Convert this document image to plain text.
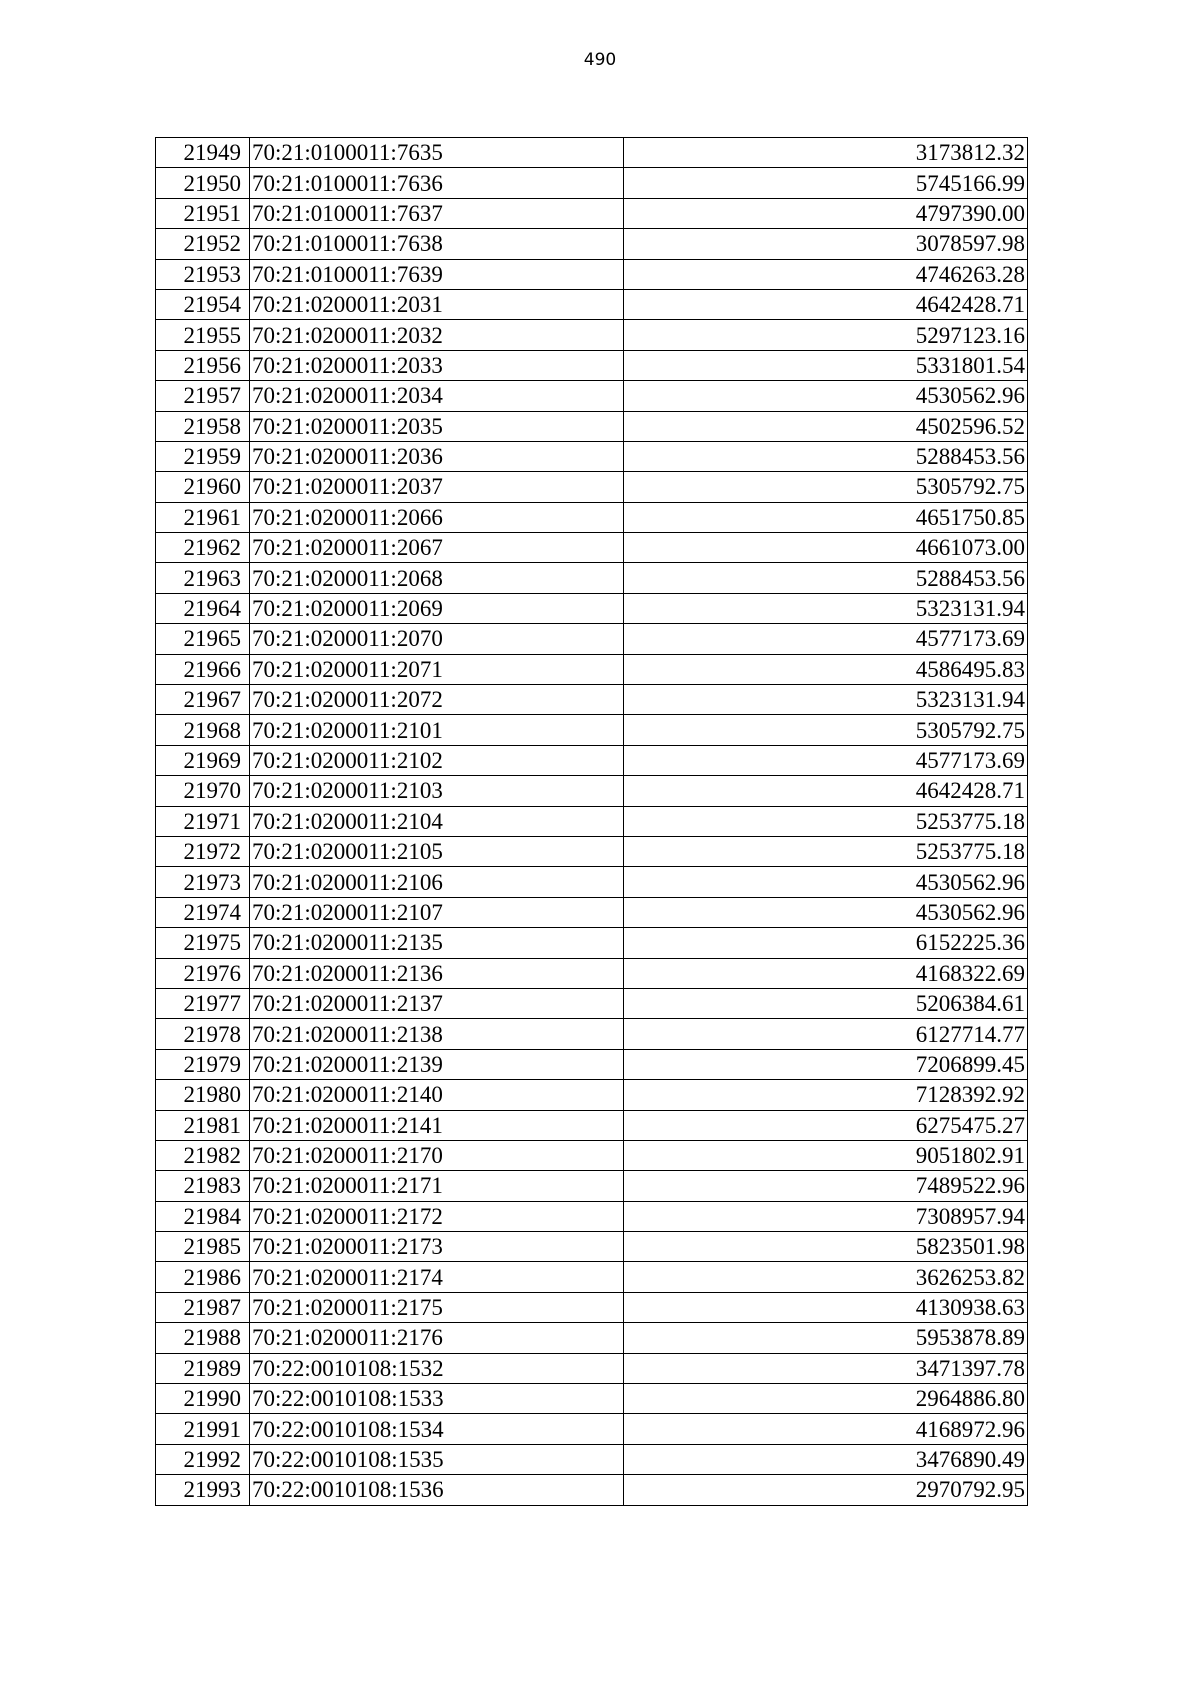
490
21949	70:21:0100011:7635	3173812.32
21950	70:21:0100011:7636	5745166.99
21951	70:21:0100011:7637	4797390.00
21952	70:21:0100011:7638	3078597.98
21953	70:21:0100011:7639	4746263.28
21954	70:21:0200011:2031	4642428.71
21955	70:21:0200011:2032	5297123.16
21956	70:21:0200011:2033	5331801.54
21957	70:21:0200011:2034	4530562.96
21958	70:21:0200011:2035	4502596.52
21959	70:21:0200011:2036	5288453.56
21960	70:21:0200011:2037	5305792.75
21961	70:21:0200011:2066	4651750.85
21962	70:21:0200011:2067	4661073.00
21963	70:21:0200011:2068	5288453.56
21964	70:21:0200011:2069	5323131.94
21965	70:21:0200011:2070	4577173.69
21966	70:21:0200011:2071	4586495.83
21967	70:21:0200011:2072	5323131.94
21968	70:21:0200011:2101	5305792.75
21969	70:21:0200011:2102	4577173.69
21970	70:21:0200011:2103	4642428.71
21971	70:21:0200011:2104	5253775.18
21972	70:21:0200011:2105	5253775.18
21973	70:21:0200011:2106	4530562.96
21974	70:21:0200011:2107	4530562.96
21975	70:21:0200011:2135	6152225.36
21976	70:21:0200011:2136	4168322.69
21977	70:21:0200011:2137	5206384.61
21978	70:21:0200011:2138	6127714.77
21979	70:21:0200011:2139	7206899.45
21980	70:21:0200011:2140	7128392.92
21981	70:21:0200011:2141	6275475.27
21982	70:21:0200011:2170	9051802.91
21983	70:21:0200011:2171	7489522.96
21984	70:21:0200011:2172	7308957.94
21985	70:21:0200011:2173	5823501.98
21986	70:21:0200011:2174	3626253.82
21987	70:21:0200011:2175	4130938.63
21988	70:21:0200011:2176	5953878.89
21989	70:22:0010108:1532	3471397.78
21990	70:22:0010108:1533	2964886.80
21991	70:22:0010108:1534	4168972.96
21992	70:22:0010108:1535	3476890.49
21993	70:22:0010108:1536	2970792.95
